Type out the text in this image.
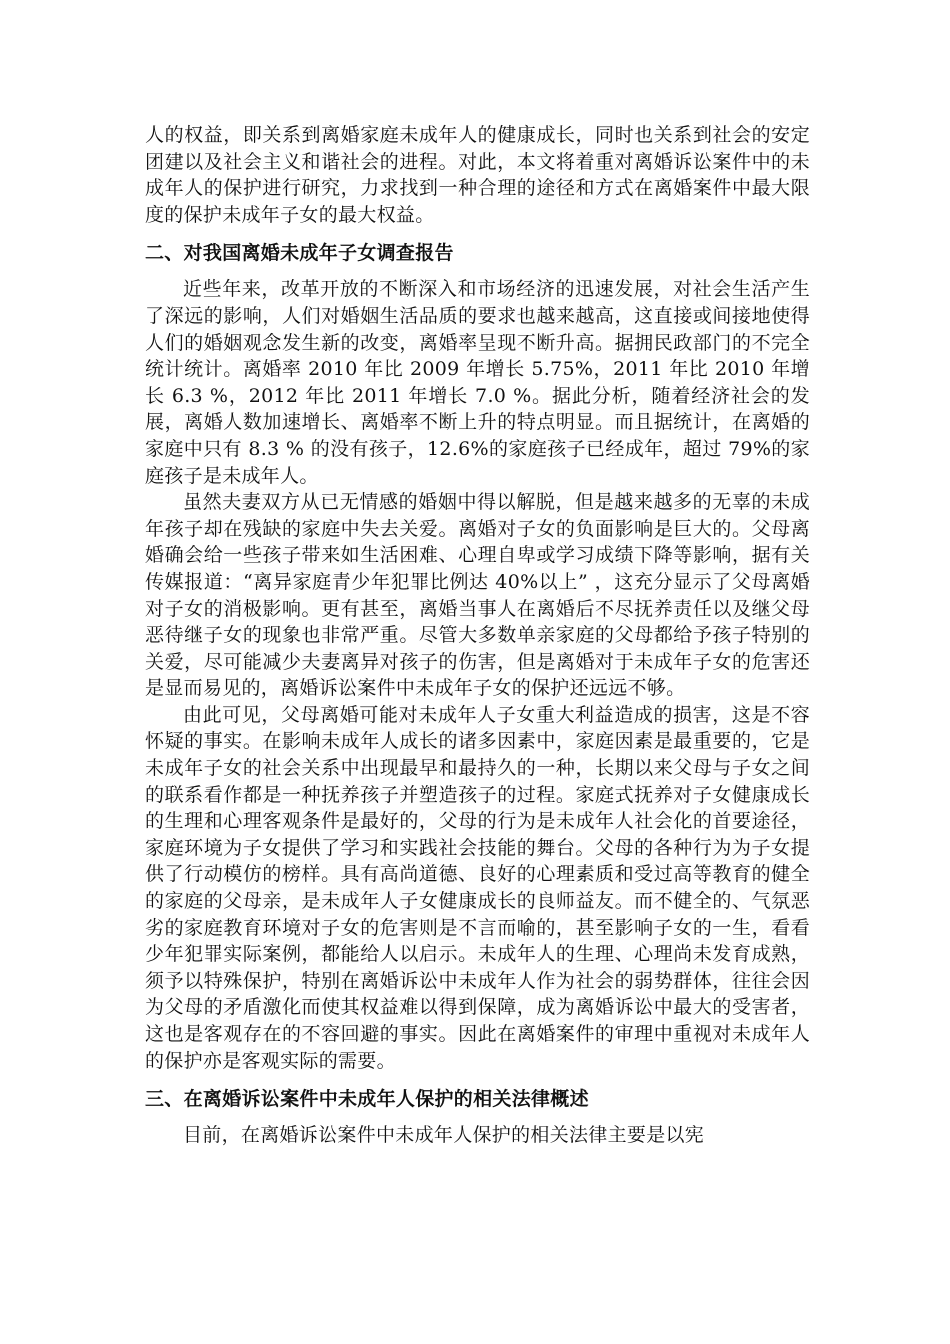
人的权益，即关系到离婚家庭未成年人的健康成长，同时也关系到社会的安定团建以及社会主义和谐社会的进程。对此，本文将着重对离婚诉讼案件中的未成年人的保护进行研究，力求找到一种合理的途径和方式在离婚案件中最大限度的保护未成年子女的最大权益。

二、对我国离婚未成年子女调查报告

近些年来，改革开放的不断深入和市场经济的迅速发展，对社会生活产生了深远的影响，人们对婚姻生活品质的要求也越来越高，这直接或间接地使得人们的婚姻观念发生新的改变，离婚率呈现不断升高。据拥民政部门的不完全统计统计。离婚率 2010 年比 2009 年增长 5.75%，2011 年比 2010 年增长 6.3 %，2012 年比 2011 年增长 7.0 %。据此分析，随着经济社会的发展，离婚人数加速增长、离婚率不断上升的特点明显。而且据统计，在离婚的家庭中只有 8.3 % 的没有孩子，12.6%的家庭孩子已经成年，超过 79%的家庭孩子是未成年人。

虽然夫妻双方从已无情感的婚姻中得以解脱，但是越来越多的无辜的未成年孩子却在残缺的家庭中失去关爱。离婚对子女的负面影响是巨大的。父母离婚确会给一些孩子带来如生活困难、心理自卑或学习成绩下降等影响，据有关传媒报道：“离异家庭青少年犯罪比例达 40%以上” ，这充分显示了父母离婚对子女的消极影响。更有甚至，离婚当事人在离婚后不尽抚养责任以及继父母恶待继子女的现象也非常严重。尽管大多数单亲家庭的父母都给予孩子特别的关爱，尽可能减少夫妻离异对孩子的伤害，但是离婚对于未成年子女的危害还是显而易见的，离婚诉讼案件中未成年子女的保护还远远不够。

由此可见，父母离婚可能对未成年人子女重大利益造成的损害，这是不容怀疑的事实。在影响未成年人成长的诸多因素中，家庭因素是最重要的，它是未成年子女的社会关系中出现最早和最持久的一种，长期以来父母与子女之间的联系看作都是一种抚养孩子并塑造孩子的过程。家庭式抚养对子女健康成长的生理和心理客观条件是最好的，父母的行为是未成年人社会化的首要途径，家庭环境为子女提供了学习和实践社会技能的舞台。父母的各种行为为子女提供了行动模仿的榜样。具有高尚道德、良好的心理素质和受过高等教育的健全的家庭的父母亲，是未成年人子女健康成长的良师益友。而不健全的、气氛恶劣的家庭教育环境对子女的危害则是不言而喻的，甚至影响子女的一生，看看少年犯罪实际案例，都能给人以启示。未成年人的生理、心理尚未发育成熟，须予以特殊保护，特别在离婚诉讼中未成年人作为社会的弱势群体，往往会因为父母的矛盾激化而使其权益难以得到保障，成为离婚诉讼中最大的受害者，这也是客观存在的不容回避的事实。因此在离婚案件的审理中重视对未成年人的保护亦是客观实际的需要。

三、在离婚诉讼案件中未成年人保护的相关法律概述

目前，在离婚诉讼案件中未成年人保护的相关法律主要是以宪
